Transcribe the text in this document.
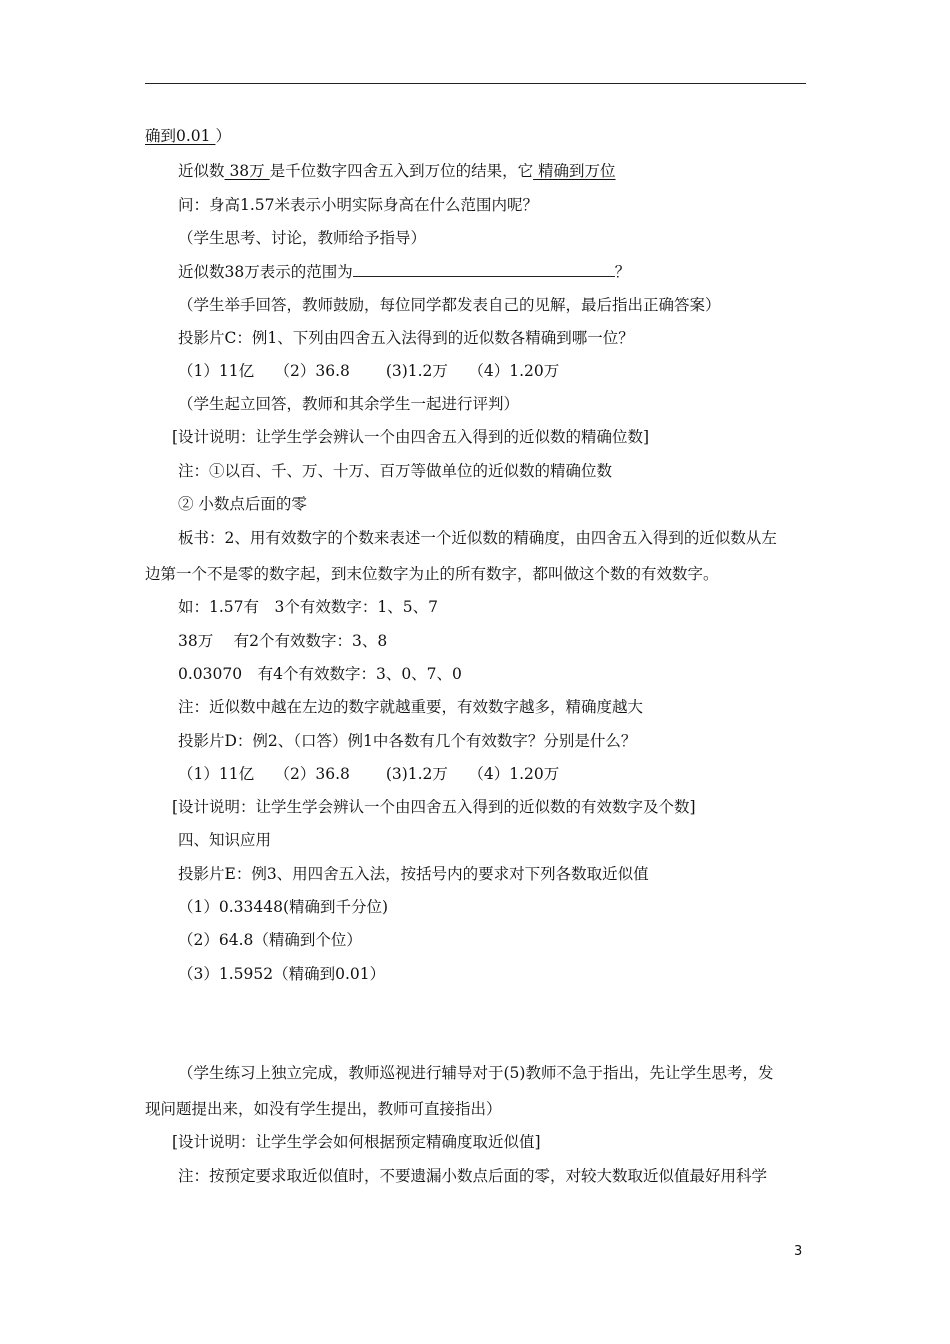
确到0.01 ）
近似数 38万 是千位数字四舍五入到万位的结果，它 精确到万位
问：身高1.57米表示小明实际身高在什么范围内呢？
（学生思考、讨论，教师给予指导）
近似数38万表示的范围为	？
（学生举手回答，教师鼓励，每位同学都发表自己的见解，最后指出正确答案）
投影片C：例1、下列由四舍五入法得到的近似数各精确到哪一位？
（1）11亿　 （2）36.8　　 (3)1.2万　 （4）1.20万
（学生起立回答，教师和其余学生一起进行评判）
[设计说明：让学生学会辨认一个由四舍五入得到的近似数的精确位数]
注：①以百、千、万、十万、百万等做单位的近似数的精确位数
② 小数点后面的零
板书：2、用有效数字的个数来表述一个近似数的精确度，由四舍五入得到的近似数从左
边第一个不是零的数字起，到末位数字为止的所有数字，都叫做这个数的有效数字。
如：1.57有　3个有效数字：1、5、7
38万　 有2个有效数字：3、8
0.03070　有4个有效数字：3、0、7、0
注：近似数中越在左边的数字就越重要，有效数字越多，精确度越大
投影片D：例2、（口答）例1中各数有几个有效数字？分别是什么？
（1）11亿　 （2）36.8　　 (3)1.2万　 （4）1.20万
[设计说明：让学生学会辨认一个由四舍五入得到的近似数的有效数字及个数]
四、知识应用
投影片E：例3、用四舍五入法，按括号内的要求对下列各数取近似值
（1）0.33448(精确到千分位)
（2）64.8（精确到个位）
（3）1.5952（精确到0.01）
（学生练习上独立完成，教师巡视进行辅导对于(5)教师不急于指出，先让学生思考，发
现问题提出来，如没有学生提出，教师可直接指出）
[设计说明：让学生学会如何根据预定精确度取近似值]
注：按预定要求取近似值时，不要遗漏小数点后面的零，对较大数取近似值最好用科学
3
